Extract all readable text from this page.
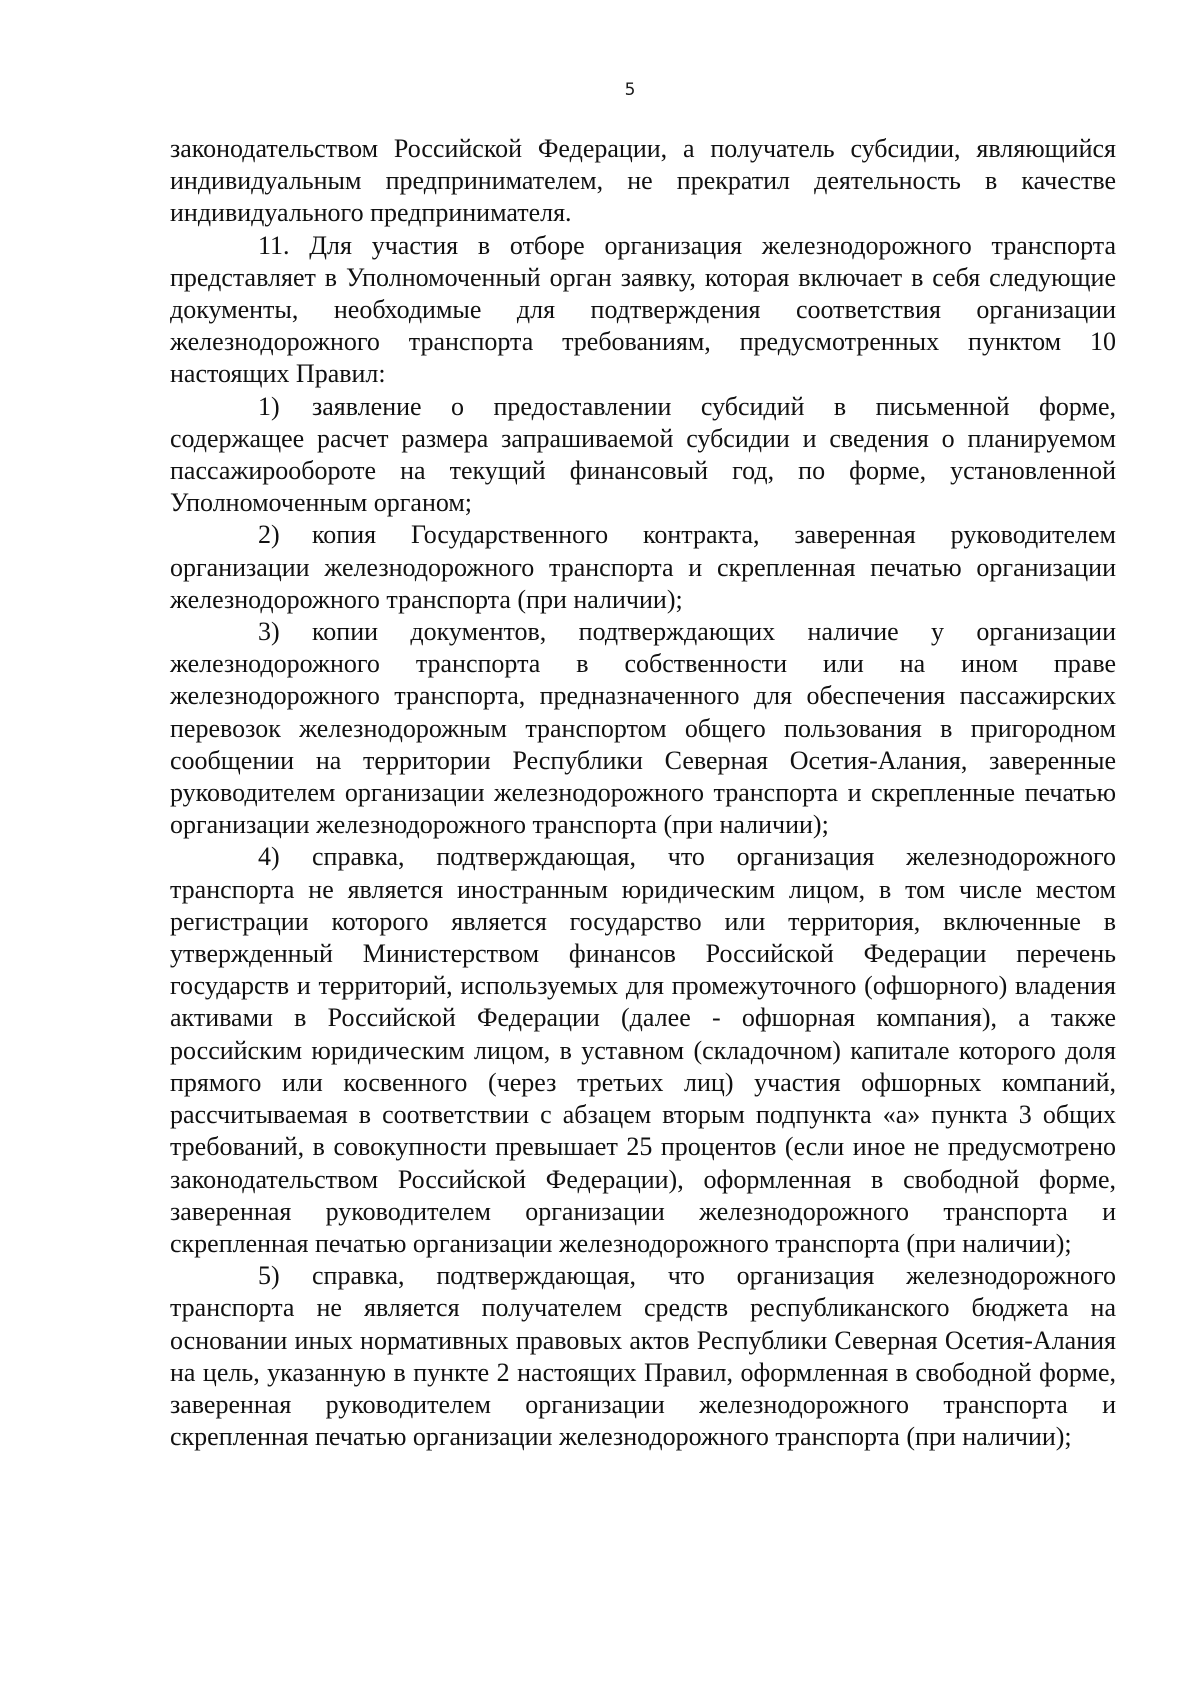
5

законодательством Российской Федерации, а получатель субсидии, являющийся индивидуальным предпринимателем, не прекратил деятельность в качестве индивидуального предпринимателя.

11. Для участия в отборе организация железнодорожного транспорта представляет в Уполномоченный орган заявку, которая включает в себя следующие документы, необходимые для подтверждения соответствия организации железнодорожного транспорта требованиям, предусмотренных пунктом 10 настоящих Правил:

1) заявление о предоставлении субсидий в письменной форме, содержащее расчет размера запрашиваемой субсидии и сведения о планируемом пассажирообороте на текущий финансовый год, по форме, установленной Уполномоченным органом;

2) копия Государственного контракта, заверенная руководителем организации железнодорожного транспорта и скрепленная печатью организации железнодорожного транспорта (при наличии);

3) копии документов, подтверждающих наличие у организации железнодорожного транспорта в собственности или на ином праве железнодорожного транспорта, предназначенного для обеспечения пассажирских перевозок железнодорожным транспортом общего пользования в пригородном сообщении на территории Республики Северная Осетия-Алания, заверенные руководителем организации железнодорожного транспорта и скрепленные печатью организации железнодорожного транспорта (при наличии);

4) справка, подтверждающая, что организация железнодорожного транспорта не является иностранным юридическим лицом, в том числе местом регистрации которого является государство или территория, включенные в утвержденный Министерством финансов Российской Федерации перечень государств и территорий, используемых для промежуточного (офшорного) владения активами в Российской Федерации (далее - офшорная компания), а также российским юридическим лицом, в уставном (складочном) капитале которого доля прямого или косвенного (через третьих лиц) участия офшорных компаний, рассчитываемая в соответствии с абзацем вторым подпункта «а» пункта 3 общих требований, в совокупности превышает 25 процентов (если иное не предусмотрено законодательством Российской Федерации), оформленная в свободной форме, заверенная руководителем организации железнодорожного транспорта и скрепленная печатью организации железнодорожного транспорта (при наличии);

5) справка, подтверждающая, что организация железнодорожного транспорта не является получателем средств республиканского бюджета на основании иных нормативных правовых актов Республики Северная Осетия-Алания на цель, указанную в пункте 2 настоящих Правил, оформленная в свободной форме, заверенная руководителем организации железнодорожного транспорта и скрепленная печатью организации железнодорожного транспорта (при наличии);
